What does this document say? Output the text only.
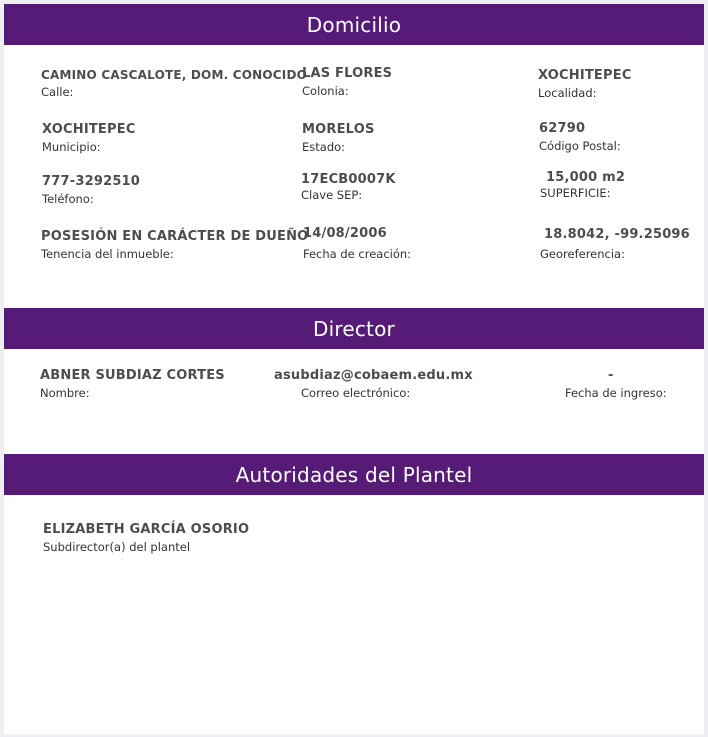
Domicilio
CAMINO CASCALOTE, DOM. CONOCIDO
Calle:
LAS FLORES
Colonia:
XOCHITEPEC
Localidad:
XOCHITEPEC
Municipio:
MORELOS
Estado:
62790
Código Postal:
777-3292510
Teléfono:
17ECB0007K
Clave SEP:
15,000 m2
SUPERFICIE:
POSESIÓN EN CARÁCTER DE DUEÑO
Tenencia del inmueble:
14/08/2006
Fecha de creación:
18.8042, -99.25096
Georeferencia:
Director
ABNER SUBDIAZ CORTES
Nombre:
asubdiaz@cobaem.edu.mx
Correo electrónico:
-
Fecha de ingreso:
Autoridades del Plantel
ELIZABETH GARCÍA OSORIO
Subdirector(a) del plantel
